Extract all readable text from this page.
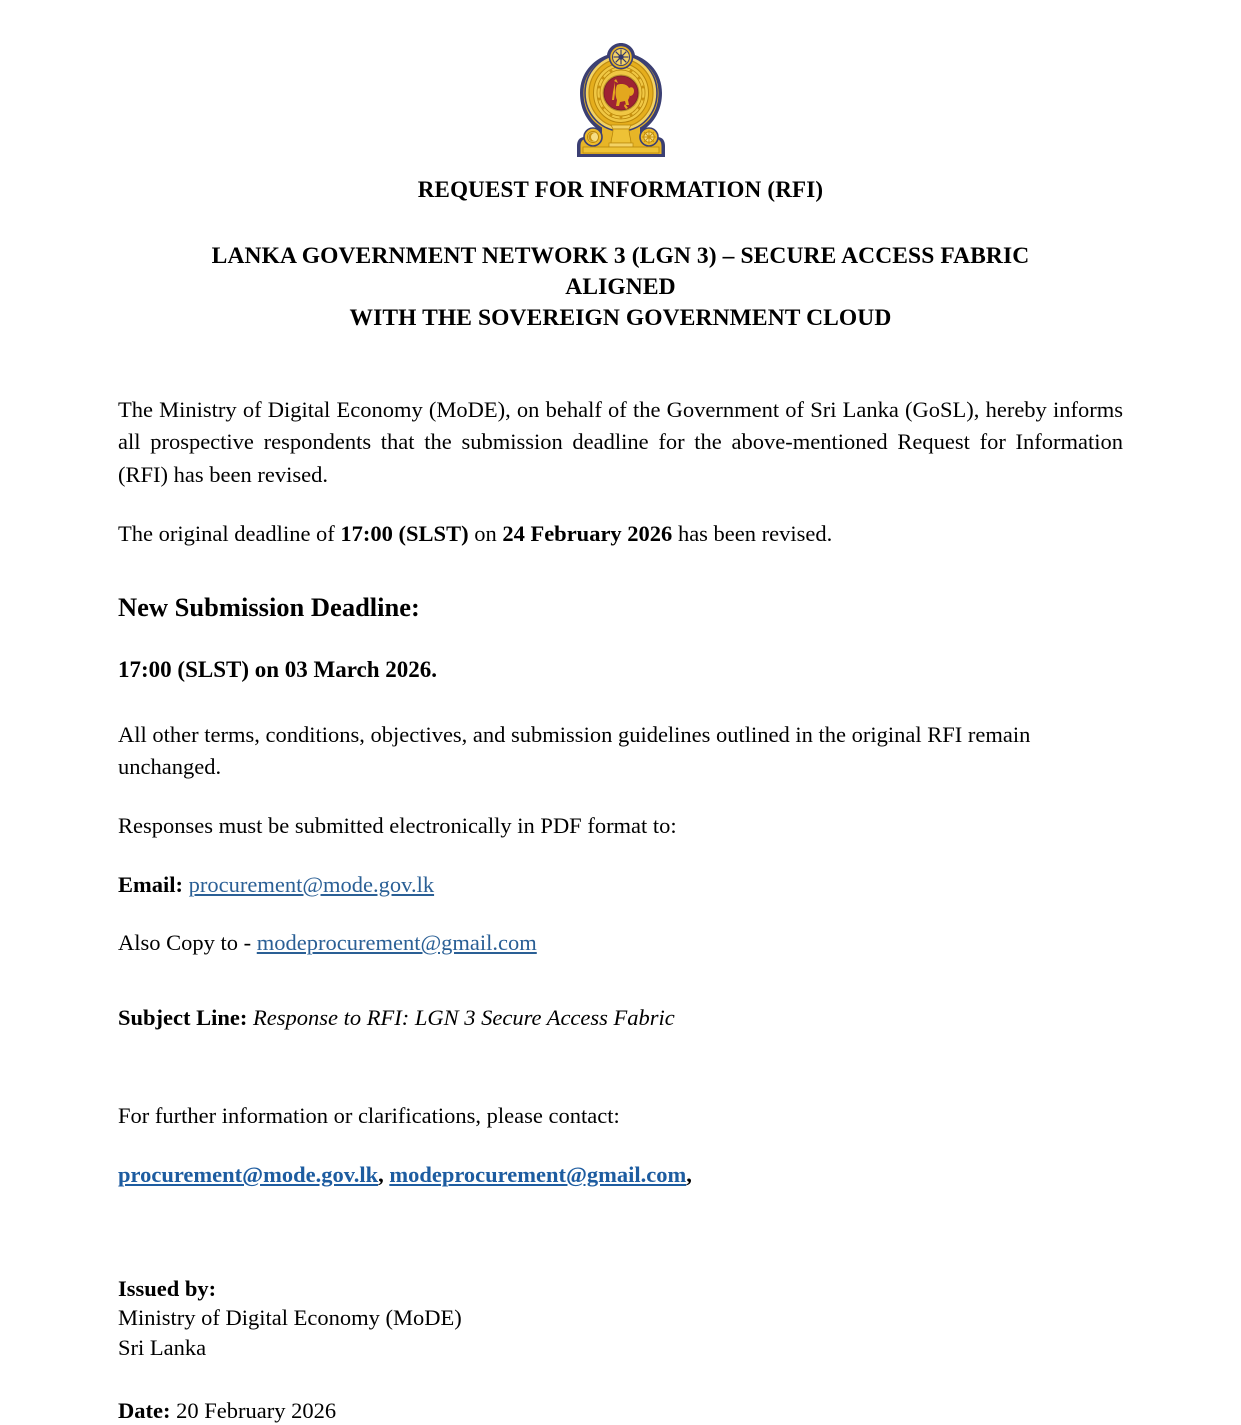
REQUEST FOR INFORMATION (RFI)
LANKA GOVERNMENT NETWORK 3 (LGN 3) – SECURE ACCESS FABRIC ALIGNED
WITH THE SOVEREIGN GOVERNMENT CLOUD

The Ministry of Digital Economy (MoDE), on behalf of the Government of Sri Lanka (GoSL), hereby informs all prospective respondents that the submission deadline for the above-mentioned Request for Information (RFI) has been revised.

The original deadline of 17:00 (SLST) on 24 February 2026 has been revised.

New Submission Deadline:
17:00 (SLST) on 03 March 2026.

All other terms, conditions, objectives, and submission guidelines outlined in the original RFI remain unchanged.

Responses must be submitted electronically in PDF format to:

Email: procurement@mode.gov.lk

Also Copy to - modeprocurement@gmail.com

Subject Line: Response to RFI: LGN 3 Secure Access Fabric

For further information or clarifications, please contact:

procurement@mode.gov.lk, modeprocurement@gmail.com,

Issued by:
Ministry of Digital Economy (MoDE)
Sri Lanka

Date: 20 February 2026
